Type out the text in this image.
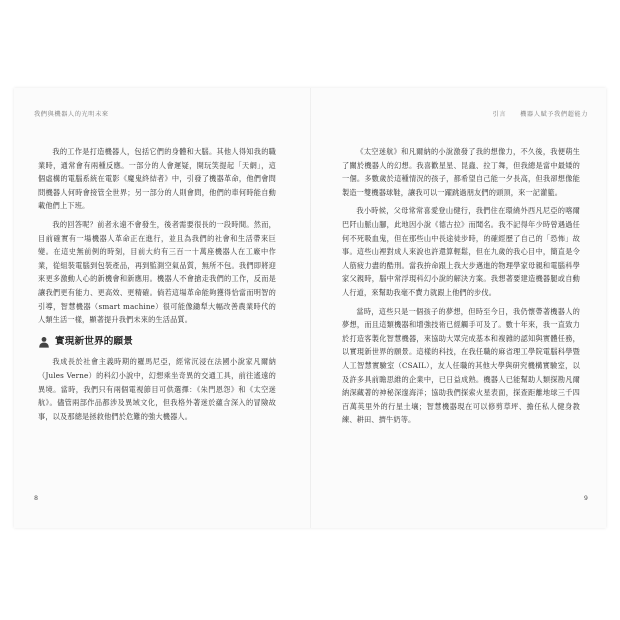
我們與機器人的光明未來

我的工作是打造機器人，包括它們的身體和大腦。其他人得知我的職業時，通常會有兩種反應。一部分的人會遲疑，開玩笑提起「天網」，這個虛構的電腦系統在電影《魔鬼終結者》中，引發了機器革命，他們會問問機器人何時會接管全世界；另一部分的人則會問，他們的車何時能自動載他們上下班。

我的回答呢？前者永遠不會發生，後者需要很長的一段時間。然而，目前確實有一場機器人革命正在進行，並且為我們的社會和生活帶來巨變。在這史無前例的時刻，目前大約有三百一十萬座機器人在工廠中作業，從組裝電腦到包裝產品，再到監測空氣品質，無所不包。我們即將迎來更多激動人心的新機會和新應用。機器人不會搶走我們的工作，反而是讓我們更有能力、更高效、更精確。倘若這場革命能夠獲得恰當而明智的引導，智慧機器（smart machine）很可能像鋤犁大幅改善農業時代的人類生活一樣，顯著提升我們未來的生活品質。

實現新世界的願景

我成長於社會主義時期的羅馬尼亞，經常沉浸在法國小說家凡爾納（Jules Verne）的科幻小說中，幻想乘坐奇異的交通工具，前往遙遠的異境。當時，我們只有兩個電視節目可供選擇：《朱門恩怨》和《太空迷航》。儘管兩部作品都涉及異域文化，但我格外著迷於蘊含深入的冒險故事，以及那總是拯救他們於危難的強大機器人。

8
引言 機器人賦予我們超能力

《太空迷航》和凡爾納的小說激發了我的想像力，不久後，我便萌生了關於機器人的幻想。我喜歡星星、昆蟲、拉丁舞，但我總是當中最矮的一個。多數歲於這種情況的孩子，都希望自己能一夕長高，但我卻想像能製造一雙機器球鞋，讓我可以一躍跳過朋友們的頭頂，來一記灌籃。

我小時候，父母常常喜愛登山健行，我們住在環繞外西凡尼亞的喀爾巴阡山脈山腳，此地因小說《德古拉》而聞名。我不記得年少時曾遇過任何不死吸血鬼，但在那些山中長途徒步時，的確經歷了自己的「恐怖」故事。這些山裡對成人來說也許還算輕鬆，但在九歲的我心目中，簡直是令人筋疲力盡的酷刑。當我拚命跟上我大步邁進的物理學家母親和電腦科學家父親時，腦中常浮現科幻小說的解決方案。我想著要建造機器腿或自動人行道，來幫助我毫不費力就跟上他們的步伐。

當時，這些只是一個孩子的夢想，但時至今日，我仍懷帶著機器人的夢想，而且這類機器和增強技術已經觸手可及了。數十年來，我一直致力於打造客製化智慧機器，來協助大眾完成基本和複雜的認知與實體任務，以實現新世界的願景。這樣的科技，在我任職的麻省理工學院電腦科學暨人工智慧實驗室（CSAIL），友人任職的其他大學與研究機構實驗室，以及許多具前瞻思維的企業中，已日益成熟。機器人已能幫助人類探勘凡爾納深藏著的神秘深邃海洋；協助我們探索火星表面，探查距離地球三千四百萬英里外的行星土壤；智慧機器現在可以修剪草坪、擔任私人健身教練、耕田、擠牛奶等。

9
